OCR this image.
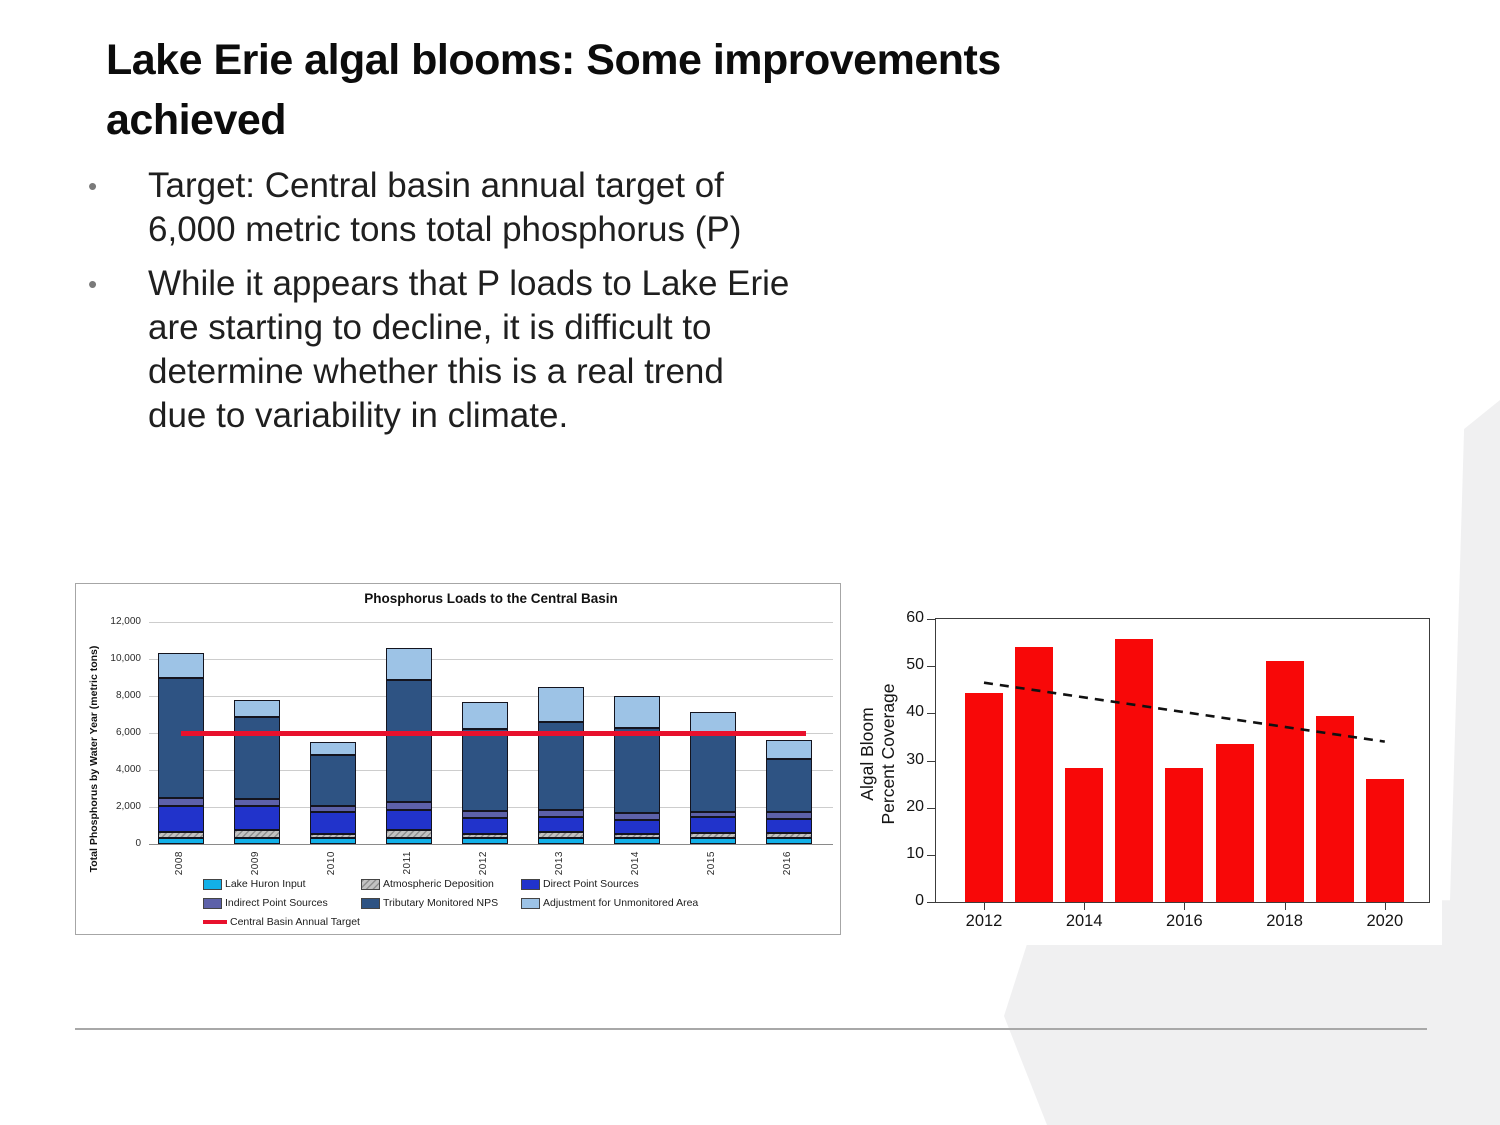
Lake Erie algal blooms: Some improvements achieved
•	Target: Central basin annual target of
6,000 metric tons total phosphorus (P)
•	While it appears that P loads to Lake Erie
are starting to decline, it is difficult to
determine whether this is a real trend
due to variability in climate.
Phosphorus Loads to the Central Basin
Total Phosphorus by Water Year (metric tons)	0
2,000
4,000
6,000
8,000
10,000
12,000
2008	2009	2010	2011	2012	2013	2014	2015	2016
Lake Huron Input	Atmospheric Deposition	Direct Point Sources
Indirect Point Sources	Tributary Monitored NPS	Adjustment for Unmonitored Area
Central Basin Annual Target
Algal Bloom Percent Coverage
0
10
20
30
40
50
60
2012	2014	2016	2018	2020
